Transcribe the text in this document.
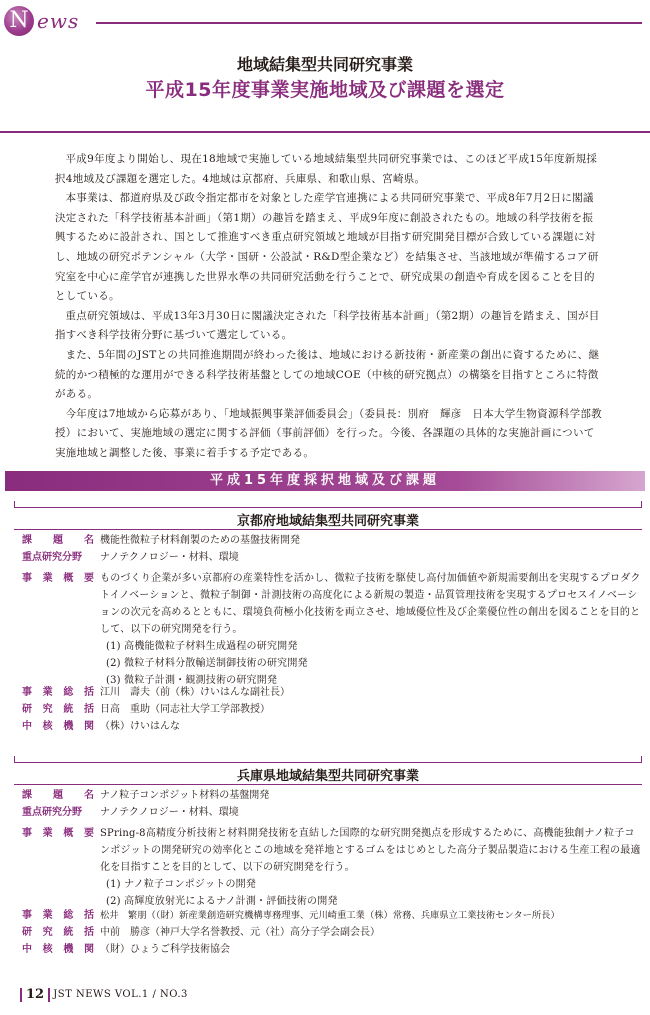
N ews
地域結集型共同研究事業
平成15年度事業実施地域及び課題を選定

平成9年度より開始し、現在18地域で実施している地域結集型共同研究事業では、このほど平成15年度新規採択4地域及び課題を選定した。4地域は京都府、兵庫県、和歌山県、宮崎県。

本事業は、都道府県及び政令指定都市を対象とした産学官連携による共同研究事業で、平成8年7月2日に閣議決定された「科学技術基本計画」（第1期）の趣旨を踏まえ、平成9年度に創設されたもの。地域の科学技術を振興するために設計され、国として推進すべき重点研究領域と地域が目指す研究開発目標が合致している課題に対し、地域の研究ポテンシャル（大学・国研・公設試・R&D型企業など）を結集させ、当該地域が準備するコア研究室を中心に産学官が連携した世界水準の共同研究活動を行うことで、研究成果の創造や育成を図ることを目的としている。

重点研究領域は、平成13年3月30日に閣議決定された「科学技術基本計画」（第2期）の趣旨を踏まえ、国が目指すべき科学技術分野に基づいて選定している。

また、5年間のJSTとの共同推進期間が終わった後は、地域における新技術・新産業の創出に資するために、継続的かつ積極的な運用ができる科学技術基盤としての地域COE（中核的研究拠点）の構築を目指すところに特徴がある。

今年度は7地域から応募があり、「地域振興事業評価委員会」（委員長：別府　輝彦　日本大学生物資源科学部教授）において、実施地域の選定に関する評価（事前評価）を行った。今後、各課題の具体的な実施計画について実施地域と調整した後、事業に着手する予定である。

平成15年度採択地域及び課題
京都府地域結集型共同研究事業
課 題 名 機能性微粒子材料創製のための基盤技術開発
重点研究分野	ナノテクノロジー・材料、環境
事 業 概 要 ものづくり企業が多い京都府の産業特性を活かし、微粒子技術を駆使し高付加価値や新規需要創出を実現するプロダクトイノベーションと、微粒子制御・計測技術の高度化による新規の製造・品質管理技術を実現するプロセスイノベーションの次元を高めるとともに、環境負荷極小化技術を両立させ、地域優位性及び企業優位性の創出を図ることを目的として、以下の研究開発を行う。
(1) 高機能微粒子材料生成過程の研究開発
(2) 微粒子材料分散輸送制御技術の研究開発
(3) 微粒子計測・観測技術の研究開発
事 業 総 括 江川　壽夫（前（株）けいはんな副社長）
研 究 統 括 日高　重助（同志社大学工学部教授）
中 核 機 関 （株）けいはんな
兵庫県地域結集型共同研究事業
課 題 名 ナノ粒子コンポジット材料の基盤開発
重点研究分野	ナノテクノロジー・材料、環境
事 業 概 要 SPring-8高精度分析技術と材料開発技術を直結した国際的な研究開発拠点を形成するために、高機能独創ナノ粒子コンポジットの開発研究の効率化とこの地域を発祥地とするゴムをはじめとした高分子製品製造における生産工程の最適化を目指すことを目的として、以下の研究開発を行う。
(1) ナノ粒子コンポジットの開発
(2) 高輝度放射光によるナノ計測・評価技術の開発
事 業 総 括 松井　繁朋（（財）新産業創造研究機構専務理事、元川崎重工業（株）常務、兵庫県立工業技術センター所長）
研 究 統 括 中前　勝彦（神戸大学名誉教授、元（社）高分子学会副会長）
中 核 機 関 （財）ひょうご科学技術協会
12 JST NEWS VOL.1 / NO.3
